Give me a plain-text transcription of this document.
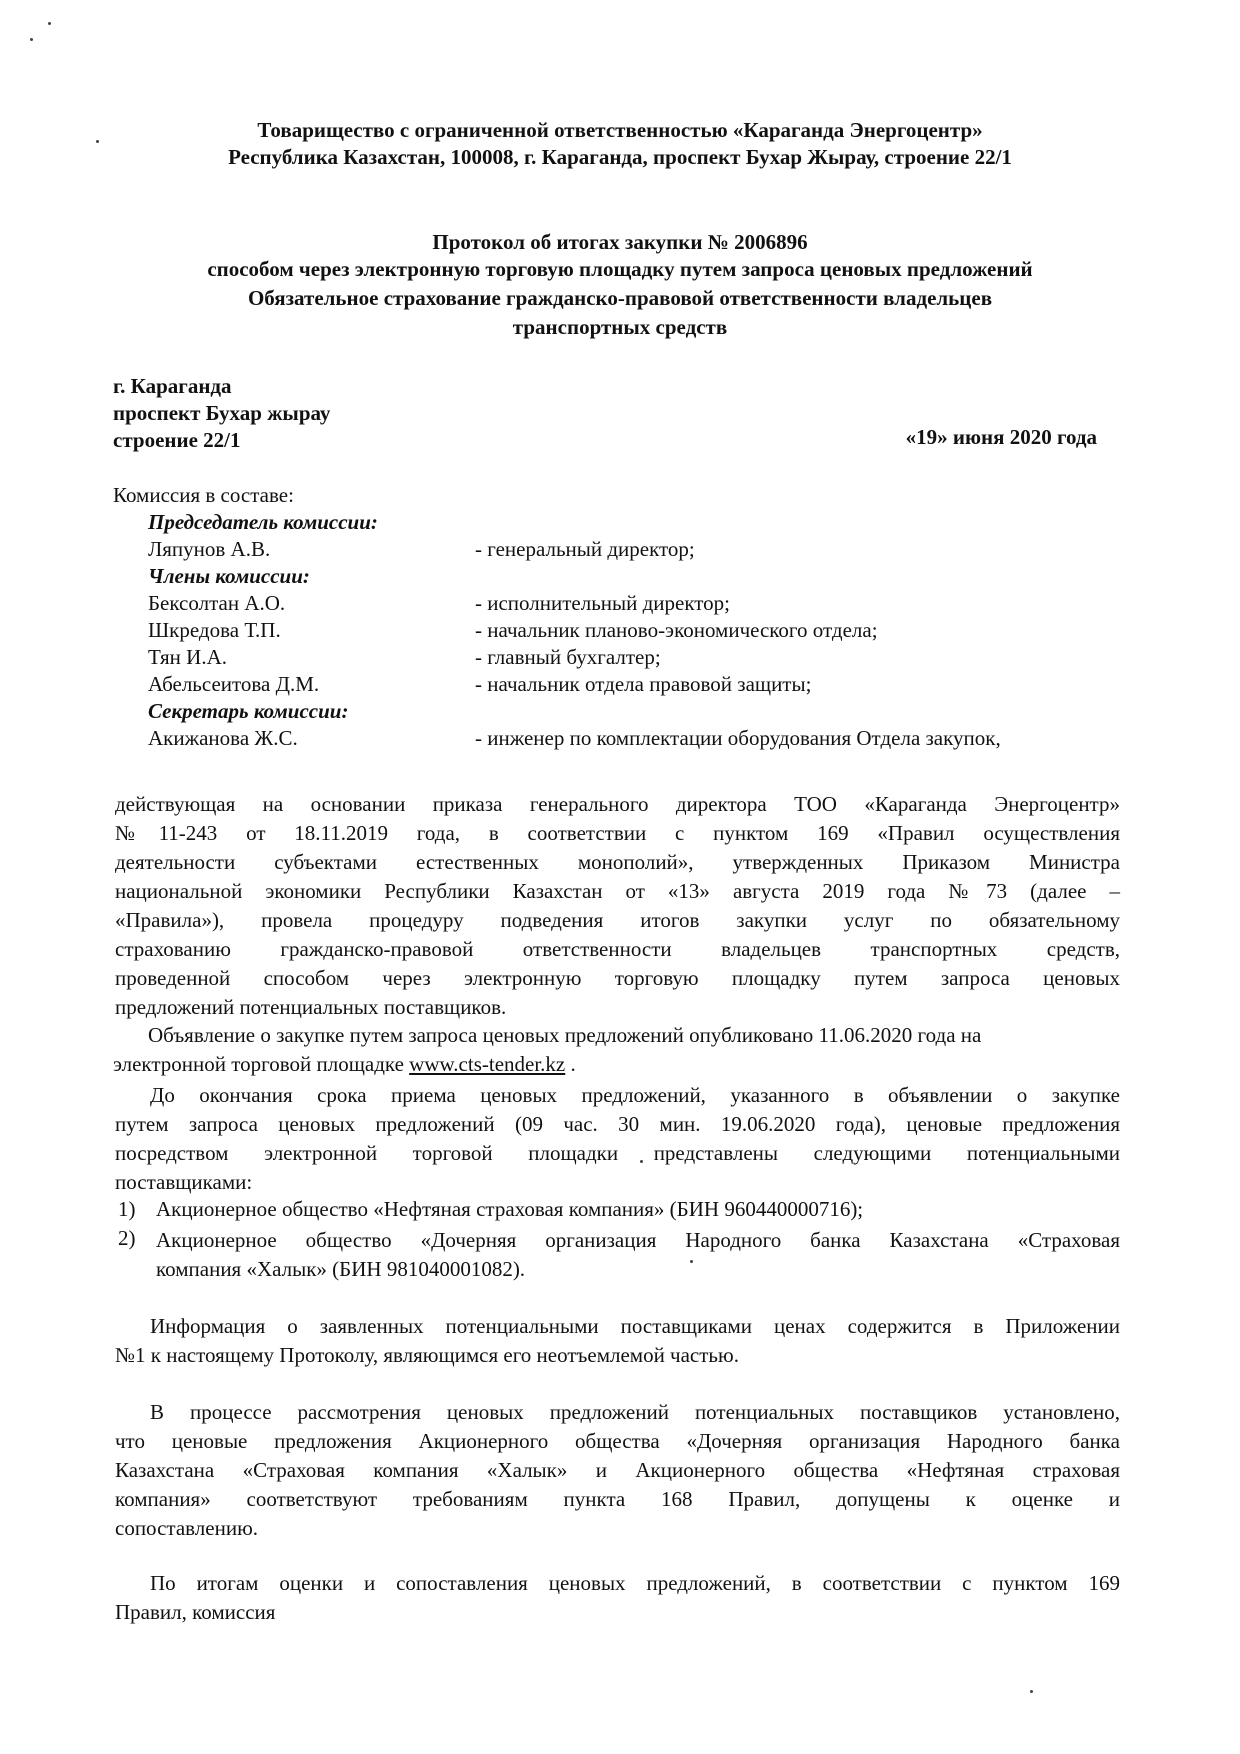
Товарищество с ограниченной ответственностью «Караганда Энергоцентр»
Республика Казахстан, 100008, г. Караганда, проспект Бухар Жырау, строение 22/1
Протокол об итогах закупки № 2006896
способом через электронную торговую площадку путем запроса ценовых предложений
Обязательное страхование гражданско-правовой ответственности владельцев
транспортных средств
г. Караганда
проспект Бухар жырау
строение 22/1	«19» июня 2020 года
Комиссия в составе:
Председатель комиссии:
Ляпунов А.В.	- генеральный директор;
Члены комиссии:
Бексолтан А.О.	- исполнительный директор;
Шкредова Т.П.	- начальник планово-экономического отдела;
Тян И.А.	- главный бухгалтер;
Абельсеитова Д.М.	- начальник отдела правовой защиты;
Секретарь комиссии:
Акижанова Ж.С.	- инженер по комплектации оборудования Отдела закупок,
действующая на основании приказа генерального директора ТОО «Караганда Энергоцентр»
№11-243 от 18.11.2019 года, в соответствии с пунктом 169 «Правил осуществления
деятельности субъектами естественных монополий», утвержденных Приказом Министра
национальной экономики Республики Казахстан от «13» августа 2019 года №73 (далее –
«Правила»), провела процедуру подведения итогов закупки услуг по обязательному
страхованию гражданско-правовой ответственности владельцев транспортных средств,
проведенной способом через электронную торговую площадку путем запроса ценовых
предложений потенциальных поставщиков.
Объявление о закупке путем запроса ценовых предложений опубликовано 11.06.2020 года на
электронной торговой площадке www.cts-tender.kz .
До окончания срока приема ценовых предложений, указанного в объявлении о закупке
путем запроса ценовых предложений (09 час. 30 мин. 19.06.2020 года), ценовые предложения
посредством электронной торговой площадки представлены следующими потенциальными
поставщиками:
1) Акционерное общество «Нефтяная страховая компания» (БИН 960440000716);
2) Акционерное общество «Дочерняя организация Народного банка Казахстана «Страховая
компания «Халык» (БИН 981040001082).
Информация о заявленных потенциальными поставщиками ценах содержится в Приложении
№1 к настоящему Протоколу, являющимся его неотъемлемой частью.
В процессе рассмотрения ценовых предложений потенциальных поставщиков установлено,
что ценовые предложения Акционерного общества «Дочерняя организация Народного банка
Казахстана «Страховая компания «Халык» и Акционерного общества «Нефтяная страховая
компания» соответствуют требованиям пункта 168 Правил, допущены к оценке и
сопоставлению.
По итогам оценки и сопоставления ценовых предложений, в соответствии с пунктом 169
Правил, комиссия
